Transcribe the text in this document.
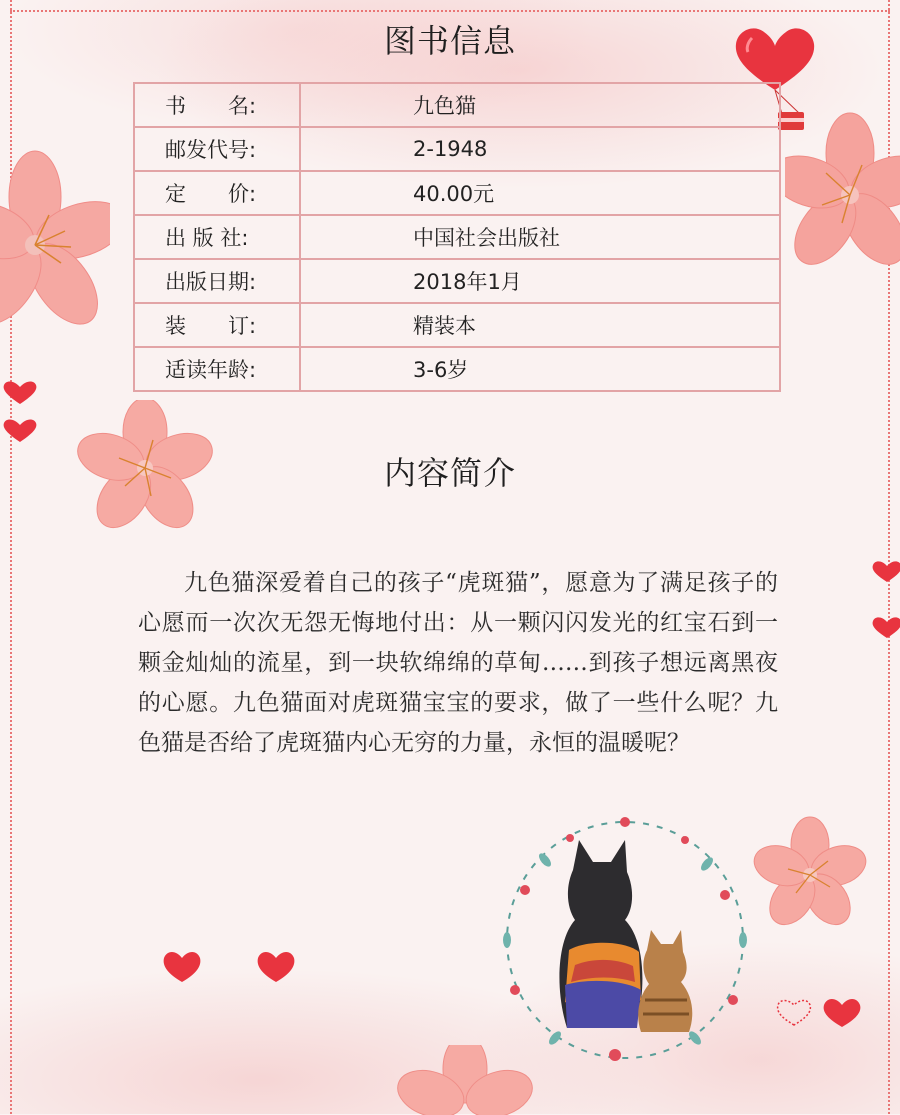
图书信息
书　　名:	九色猫
邮发代号:	2-1948
定　　价:	40.00元
出 版 社:	中国社会出版社
出版日期:	2018年1月
装　　订:	精装本
适读年龄:	3-6岁
内容简介

九色猫深爱着自己的孩子“虎斑猫”，愿意为了满足孩子的心愿而一次次无怨无悔地付出：从一颗闪闪发光的红宝石到一颗金灿灿的流星，到一块软绵绵的草甸……到孩子想远离黑夜的心愿。九色猫面对虎斑猫宝宝的要求，做了一些什么呢？九色猫是否给了虎斑猫内心无穷的力量，永恒的温暖呢？
